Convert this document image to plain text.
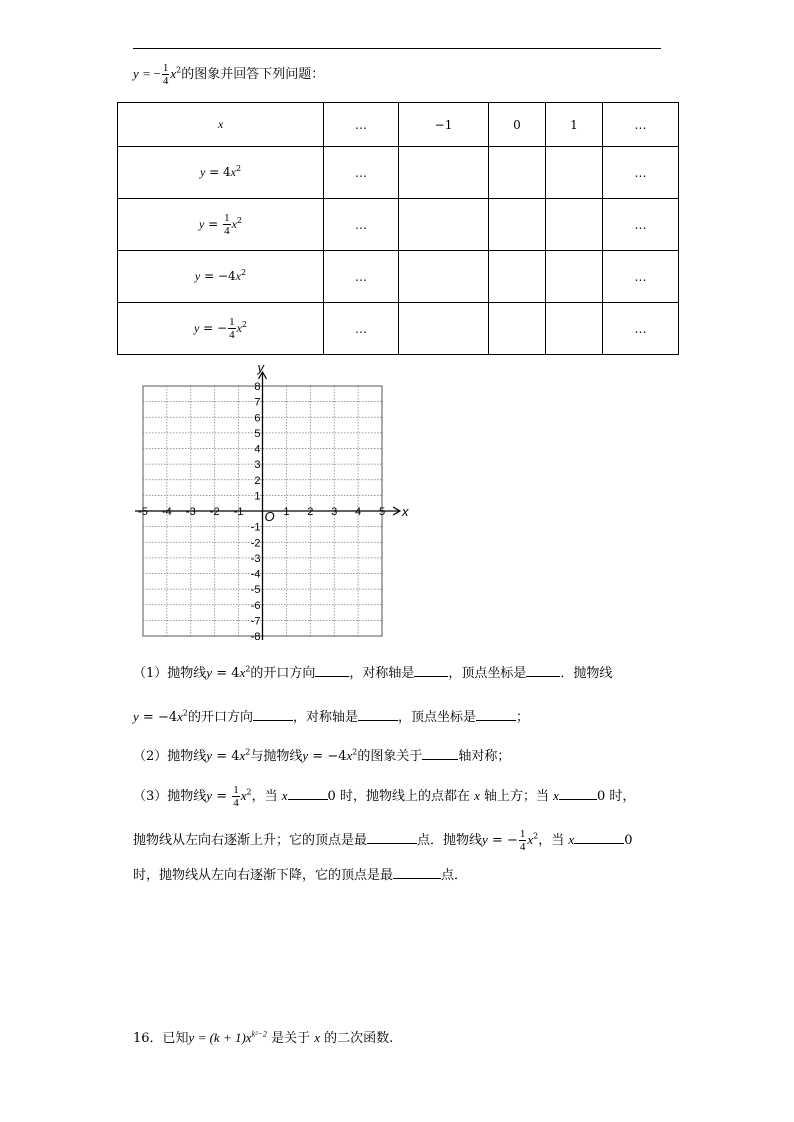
y = − $\frac{1}{4} x^2$的图象并回答下列问题：
x	…	−1	0	1	…
$y = 4x^2$	…				…
$y = \frac{1}{4} x^2$	…				…
$y = -4x^2$	…				…
y = − $\frac{1}{4} x^2$	…				…
x
y
O
-5 -4 -3 -2 -1	1 2 3 4 5
8
7
6
5
4
3
2
1
-1
-2
-3
-4
-5
-6
-7
-8
（1）抛物线$y = 4x^2$的开口方向	，对称轴是	，顶点坐标是	．抛物线
$y = -4x^2$的开口方向	，对称轴是	，顶点坐标是	；
（2）抛物线$y = 4x^2$与抛物线$y = -4x^2$的图象关于	轴对称；
（3）抛物线$y = \frac{1}{4} x^2$，当 x	0 时，抛物线上的点都在 x 轴上方；当 x	0 时，
抛物线从左向右逐渐上升；它的顶点是最	点．抛物线y = − $\frac{1}{4} x^2$，当 x	0
时，抛物线从左向右逐渐下降，它的顶点是最	点．
16．已知$y = (k + 1)x^{k^2-2}$ 是关于 x 的二次函数.
